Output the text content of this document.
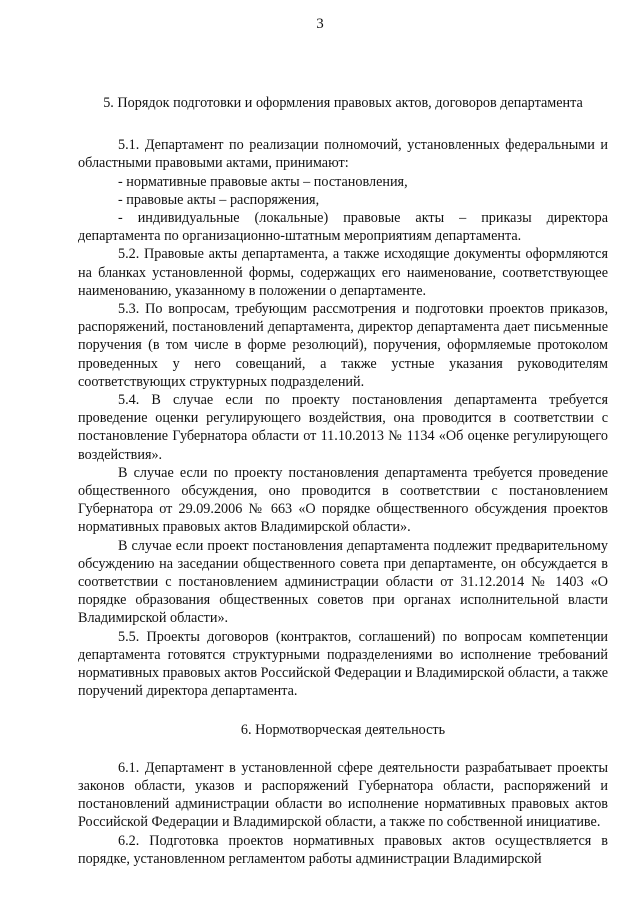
3

5. Порядок подготовки и оформления правовых актов, договоров департамента

5.1. Департамент по реализации полномочий, установленных федеральными и областными правовыми актами, принимают:

- нормативные правовые акты – постановления,

- правовые акты – распоряжения,

- индивидуальные (локальные) правовые акты – приказы директора департамента по организационно-штатным мероприятиям департамента.

5.2. Правовые акты департамента, а также исходящие документы оформляются на бланках установленной формы, содержащих его наименование, соответствующее наименованию, указанному в положении о департаменте.

5.3. По вопросам, требующим рассмотрения и подготовки проектов приказов, распоряжений, постановлений департамента, директор департамента дает письменные поручения (в том числе в форме резолюций), поручения, оформляемые протоколом проведенных у него совещаний, а также устные указания руководителям соответствующих структурных подразделений.

5.4. В случае если по проекту постановления департамента требуется проведение оценки регулирующего воздействия, она проводится в соответствии с постановление Губернатора области от 11.10.2013 № 1134 «Об оценке регулирующего воздействия».

В случае если по проекту постановления департамента требуется проведение общественного обсуждения, оно проводится в соответствии с постановлением Губернатора от 29.09.2006 № 663 «О порядке общественного обсуждения проектов нормативных правовых актов Владимирской области».

В случае если проект постановления департамента подлежит предварительному обсуждению на заседании общественного совета при департаменте, он обсуждается в соответствии с постановлением администрации области от 31.12.2014 № 1403 «О порядке образования общественных советов при органах исполнительной власти Владимирской области».

5.5. Проекты договоров (контрактов, соглашений) по вопросам компетенции департамента готовятся структурными подразделениями во исполнение требований нормативных правовых актов Российской Федерации и Владимирской области, а также поручений директора департамента.

6. Нормотворческая деятельность

6.1. Департамент в установленной сфере деятельности разрабатывает проекты законов области, указов и распоряжений Губернатора области, распоряжений и постановлений администрации области во исполнение нормативных правовых актов Российской Федерации и Владимирской области, а также по собственной инициативе.

6.2. Подготовка проектов нормативных правовых актов осуществляется в порядке, установленном регламентом работы администрации Владимирской
